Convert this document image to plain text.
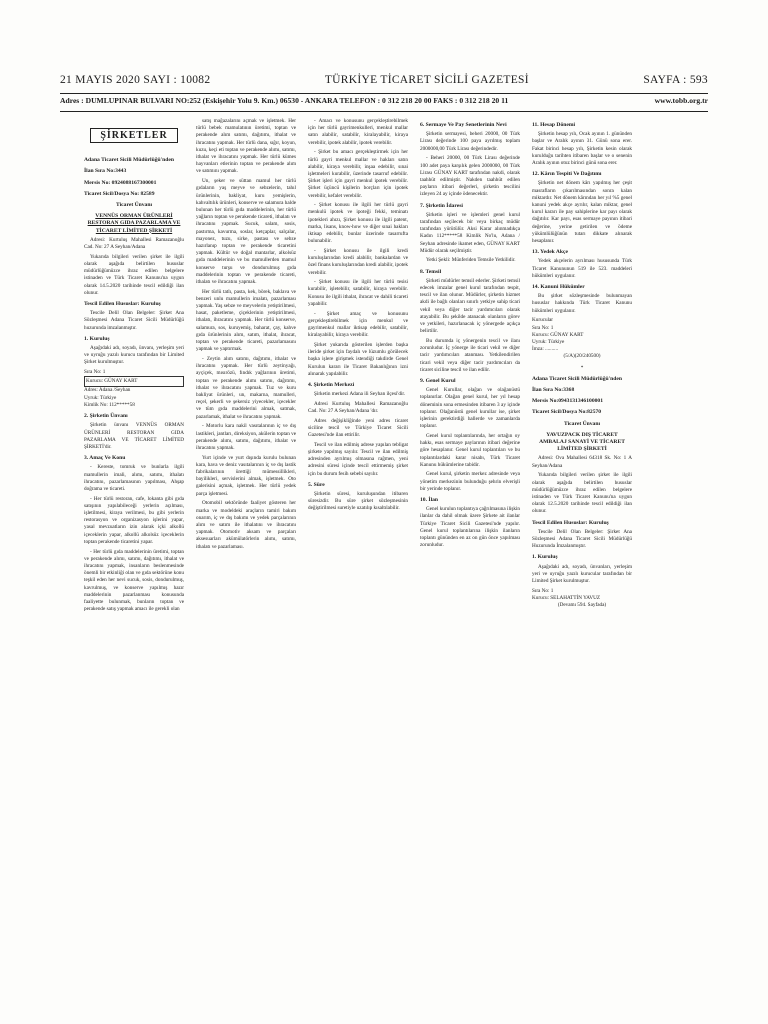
21 MAYIS 2020 SAYI : 10082	TÜRKİYE TİCARET SİCİLİ GAZETESİ	SAYFA : 593
Adres : DUMLUPINAR BULVARI NO:252 (Eskişehir Yolu 9. Km.) 06530 - ANKARA TELEFON : 0 312 218 20 00 FAKS : 0 312 218 20 11	www.tobb.org.tr
ŞİRKETLER
Adana Ticaret Sicili Müdürlüğü'nden
İlan Sıra No:3443
Mersis No: 0924088167300001
Ticaret Sicil/Dosya No: 82589
Ticaret Ünvanı
VENNÜS ORMAN ÜRÜNLERİ RESTORAN GIDA PAZARLAMA VE TİCARET LİMİTED ŞİRKETİ

Adresi: Kurtuluş Mahallesi Ramazanoğlu Cad. No: 27 A Seyhan/Adana

Yukarıda bilgileri verilen şirket ile ilgili olarak aşağıda belirtilen hususlar müdürlüğümüzce ihraz edilen belgelere istinaden ve Türk Ticaret Kanunu'na uygun olarak 14.5.2020 tarihinde tescil edildiği ilan olunur.

Tescil Edilen Hususlar: Kuruluş

Tescile Delil Olan Belgeler: Şirket Ana Sözleşmesi Adana Ticaret Sicili Müdürlüğü huzurunda imzalanmıştır.

1. Kuruluş

Aşağıdaki adı, soyadı, ünvanı, yerleşim yeri ve uyruğu yazılı kurucu tarafından bir Limited Şirket kurulmuştur.

Sıra No: 1
Kurucu: GÜNAY KART
Adres: Adana /Seyhan
Uyruk: Türkiye
Kimlik No: 112*****58
2. Şirketin Ünvanı

Şirketin ünvanı VENNÜS ORMAN ÜRÜNLERİ RESTORAN GIDA PAZARLAMA VE TİCARET LİMİTED ŞİRKETİ'dir.

3. Amaç Ve Konu

- Kereste, tomruk ve bunlarla ilgili mamullerin imali, alımı, satımı, ithalatı ihracatını, pazarlamasının yapılması, Ahşap doğrama ve ticareti.

- Her türlü restoran, cafe, lokanta gibi gıda satışının yapılabileceği yerlerin açılması, işletilmesi, kiraya verilmesi, bu gibi yerlerin restorasyon ve organizasyon işlerini yapar, yasal mevzuatların izin alarak içki alkollü içeceklerin yapar, alkollü alkolsüz içeceklerin toptan perakende ticaretini yapar.

- Her türlü gıda maddelerinin üretimi, toptan ve perakende alımı, satımı, dağıtımı, ithalat ve ihracatını yapmak, insanların beslenmesinde önemli bir etkinliği olan ve gıda sektörüne konu teşkil eden her nevi sucuk, sosis, dondurulmuş, kavrulmuş, ve konserve yapılmış hazır maddelerinin pazarlanması konusunda faaliyette bulunmak, bunların toptan ve perakende satış yapmak amacı ile gerekli olan

satış mağazalarını açmak ve işletmek. Her türlü bebek mamulatının üretimi, toptan ve perakende alım satımı, dağıtımı, ithalat ve ihracatını yapmak. Her türlü dana, sığır, koyun, kuzu, keçi eti toptan ve perakende alımı, satımı, ithalat ve ihracatını yapmak. Her türlü kümes hayvanları etlerinin toptan ve perakende alım ve satımını yapmak.

Un, şeker ve süttan mamul her türlü gıdaların yaş meyve ve sebzelerin, tahıl ürünlerinin, bakliyat, kuru yemişlerin, kahvaltılık ürünleri, konserve ve salamura halde bulunan her türlü gıda maddelerinin, her türlü yağların toptan ve perakende ticareti, ithalatı ve ihracatını yapmak. Sucuk, salam, sosis, pastırma, kavurma, soslar, ketçaplar, salçalar, mayonez, tuzu, sirke, pastası ve sebze hazırlanıp toptan ve perakende ticaretini yapmak. Kültür ve doğal mantarlar, alkolsüz gıda maddelerinin ve bu mamullerden mamul konserve turşu ve dondurulmuş gıda maddelerinin toptan ve perakende ticareti, ithalatı ve ihracatını yapmak.

Her türlü tatlı, pasta, kek, börek, baklava ve benzeri unlu mamullerin imalatı, pazarlaması yapmak. Yaş sebze ve meyvelerin yetiştirilmesi, hasat, paketleme, çiçeklerinin yetiştirilmesi, ithalatı, ihracatını yapmak. Her türlü konserve, salamura, sos, kuruyemiş, baharat, çay, kahve gıda ürünlerinin alım, satım, ithalat, ihracat, toptan ve perakende ticareti, pazarlamasını yapmak ve yaptırmak.

- Zeytin alım satımı, dağıtımı, ithalat ve ihracatını yapmak. Her türlü zeytinyağı, ayçiçek, mısırözü, fındık yağlarının üretimi, toptan ve perakende alımı satımı, dağıtımı, ithalat ve ihracatını yapmak. Tuz ve kuru bakliyat ürünleri, un, makarna, mamulleri, reçel, şekerli ve şekersiz yiyecekler, içecekler ve tüm gıda maddelerini almak, satmak, pazarlamak, ithalat ve ihracatını yapmak.

- Motorlu kara nakil vasıtalarının iç ve dış lastikleri, jantları, direksiyon, akülerin toptan ve perakende alımı, satımı, dağıtımı, ithalat ve ihracatını yapmak.

Yurt içinde ve yurt dışında kurulu bulunan kara, hava ve deniz vasıtalarının iç ve dış lastik fabrikalarının ürettiği mümessillikleri, bayilikleri, servislerini almak, işletmek. Oto galerisini açmak, işletmek. Her türlü yedek parça işletmesi.

Otomobil sektöründe faaliyet gösteren her marka ve modeldeki araçların tamiri bakım onarım, iç ve dış bakımı ve yedek parçalarının alım ve satım ile ithalatını ve ihracatını yapmak. Otomotiv aksam ve parçaları aksesuarları akümülatörlerin alımı, satımı, ithalatı ve pazarlaması.

- Amacı ve konusunu gerçekleştirebilmek için her türlü gayrimenkulleri, menkul mallar satın alabilir, satabilir, kiralayabilir, kiraya verebilir, ipotek alabilir, ipotek verebilir.

- Şirket bu amacı gerçekleştirmek için her türlü gayri menkul mallar ve hakları satın alabilir, kiraya verebilir, inşaa edebilir, sınai işletmeleri kurabilir, üzerinde tasarruf edebilir. Şirket işleri için gayri menkul ipotek verebilir. Şirket üçüncü kişilerin borçları için ipotek verebilir, kefalet verebilir.

- Şirket konusu ile ilgili her türlü gayri menkulü ipotek ve ipoteği fekki, teminatı ipotekleri ahızı, Şirket konusu ile ilgili patent, marka, lisans, know-how ve diğer sınai hakları iktisap edebilir, bunlar üzerinde tasarrufta bulunabilir.

- Şirket konusu ile ilgili kredi kuruluşlarından kredi alabilir, bankalardan ve özel finans kuruluşlarından kredi alabilir, ipotek verebilir.

- Şirket konusu ile ilgili her türlü tesisi kurabilir, işletebilir, satabilir, kiraya verebilir. Konusu ile ilgili ithalat, ihracat ve dahili ticareti yapabilir.

- Şirket amaç ve konusunu gerçekleştirebilmek için menkul ve gayrimenkul mallar iktisap edebilir, satabilir, kiralayabilir, kiraya verebilir.

Şirket yukarıda gösterilen işlerden başka ileride şirket için faydalı ve lüzumlu görülecek başka işlere girişmek istendiği takdirde Genel Kurulun kararı ile Ticaret Bakanlığının izni alınarak yapılabilir.

4. Şirketin Merkezi

Şirketin merkezi Adana ili Seyhan ilçesi'dir.

Adresi Kurtuluş Mahallesi Ramazanoğlu Cad. No: 27 A Seyhan/Adana 'dır.

Adres değişikliğinde yeni adres ticaret siciline tescil ve Türkiye Ticaret Sicili Gazetesi'nde ilan ettirilir.

Tescil ve ilan edilmiş adrese yapılan tebligat şirkete yapılmış sayılır. Tescil ve ilan edilmiş adresinden ayrılmış olmasına rağmen, yeni adresini süresi içinde tescil ettirmemiş şirket için bu durum fesih sebebi sayılır.

5. Süre

Şirketin süresi, kuruluşundan itibaren süresizdir. Bu süre şirket sözleşmesinin değiştirilmesi suretiyle uzatılıp kısaltılabilir.

6. Sermaye Ve Pay Senetlerinin Nevi

Şirketin sermayesi, beheri 20000, 00 Türk Lirası değerinde 100 paya ayrılmış toplam 2000000,00 Türk Lirası değerindedir.

- Beheri 20000, 00 Türk Lirası değerinde 100 adet paya karşılık gelen 2000000, 00 Türk Lirası GÜNAY KART tarafından nakdi, olarak taahhüt edilmiştir. Nakden taahhüt edilen payların itibari değerleri, şirketin tescilini izleyen 24 ay içinde ödenecektir.

7. Şirketin İdaresi

Şirketin işleri ve işlemleri genel kurul tarafından seçilecek bir veya birkaç müdür tarafından yürütülür. Aksi Karar alınmadıkça Kadın 112*****58 Kimlik No'lu, Adana / Seyhan adresinde ikamet eden, GÜNAY KART Müdür olarak seçilmiştir.

Yetki Şekli: Münferiden Temsile Yetkilidir.

8. Temsil

Şirketi müdürler temsil ederler. Şirketi temsil edecek imzalar genel kurul tarafından tespit, tescil ve ilan olunur. Müdürler, şirketin hizmet akdi ile bağlı olanları sınırlı yetkiye sahip ticari vekil veya diğer tacir yardımcıları olarak atayabilir. Bu şekilde atanacak olanların görev ve yetkileri, hazırlanacak iç yönergede açıkça belirtilir.

Bu durumda iç yönergenin tescil ve ilanı zorunludur. İç yönerge ile ticari vekil ve diğer tacir yardımcıları atanması. Yetkilendirilen ticari vekil veya diğer tacir yardımcıları da ticaret siciline tescil ve ilan edilir.

9. Genel Kurul

Genel Kurullar, olağan ve olağanüstü toplanırlar. Olağan genel kurul, her yıl hesap döneminin sona ermesinden itibaren 3 ay içinde toplanır. Olağanüstü genel kurullar ise, şirket işlerinin gerektirdiği hallerde ve zamanlarda toplanır.

Genel kurul toplantılarında, her ortağın oy hakkı, esas sermaye paylarının itibari değerine göre hesaplanır. Genel kurul toplantıları ve bu toplantılardaki karar nisabı, Türk Ticaret Kanunu hükümlerine tabidir.

Genel kurul, şirketin merkez adresinde veya yönetim merkezinin bulunduğu şehrin elverişli bir yerinde toplanır.

10. İlan

Genel kurulun toplantıya çağrılmasına ilişkin ilanlar da dahil olmak üzere Şirkete ait ilanlar Türkiye Ticaret Sicili Gazetesi'nde yapılır. Genel kurul toplantılarına ilişkin ilanların toplantı gününden en az on gün önce yapılması zorunludur.

11. Hesap Dönemi

Şirketin hesap yılı, Ocak ayının 1. gününden başlar ve Aralık ayının 31. Günü sona erer. Fakat birinci hesap yılı, Şirketin kesin olarak kurulduğu tarihten itibaren başlar ve o senenin Aralık ayının otuz birinci günü sona erer.

12. Kârın Tespiti Ve Dağıtımı

Şirketin net dönem kârı yapılmış her çeşit masrafların çıkarılmasından sonra kalan miktardır. Net dönem kârından her yıl %5 genel kanuni yedek akçe ayrılır, kalan miktar, genel kurul kararı ile pay sahiplerine kar payı olarak dağıtılır. Kar payı, esas sermaye payının itibari değerine, yerine getirilen ve ödeme yükümlülüğünün tutarı dikkate alınarak hesaplanır.

13. Yedek Akçe

Yedek akçelerin ayrılması hususunda Türk Ticaret Kanununun 519 ile 523. maddeleri hükümleri uygulanır.

14. Kanuni Hükümler

Bu şirket sözleşmesinde bulunmayan hususlar hakkında Türk Ticaret Kanunu hükümleri uygulanır.

Kurucular
Sıra No: 1
Kurucu: GÜNAY KART
Uyruk: Türkiye
İmza: ..........
(5/A)(20/240500)
*
Adana Ticaret Sicili Müdürlüğü'nden
İlan Sıra No:3368
Mersis No:0943131346100001
Ticaret Sicil/Dosya No:82570
Ticaret Ünvanı
YAVUZPACK DIŞ TİCARET AMBALAJ SANAYİ VE TİCARET LİMİTED ŞİRKETİ

Adresi: Ova Mahallesi 64318 Sk. No: 1 A Seyhan/Adana

Yukarıda bilgileri verilen şirket ile ilgili olarak aşağıda belirtilen hususlar müdürlüğümüzce ihraz edilen belgelere istinaden ve Türk Ticaret Kanunu'na uygun olarak 12.5.2020 tarihinde tescil edildiği ilan olunur.

Tescil Edilen Hususlar: Kuruluş

Tescile Delil Olan Belgeler: Şirket Ana Sözleşmesi Adana Ticaret Sicili Müdürlüğü Huzurunda İmzalanmıştır.

1. Kuruluş

Aşağıdaki adı, soyadı, ünvanları, yerleşim yeri ve uyruğu yazılı kurucular tarafından bir Limited Şirket kurulmuştur.

Sıra No: 1
Kurucu: SELAHATTİN YAVUZ
(Devamı 594. Sayfada)
